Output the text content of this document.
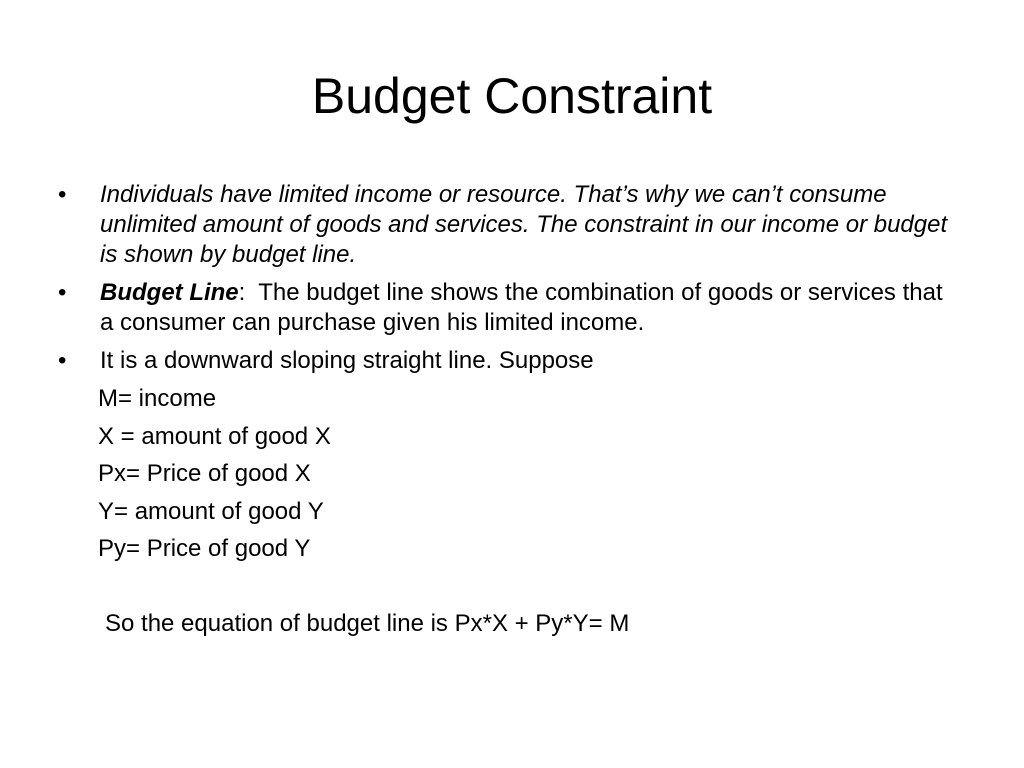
Budget Constraint
•	Individuals have limited income or resource. That’s why we can’t consume unlimited amount of goods and services. The constraint in our income or budget is shown by budget line.
•	Budget Line:  The budget line shows the combination of goods or services that a consumer can purchase given his limited income.
•	It is a downward sloping straight line. Suppose
M= income
X = amount of good X
Px= Price of good X
Y= amount of good Y
Py= Price of good Y
So the equation of budget line is Px*X + Py*Y= M
